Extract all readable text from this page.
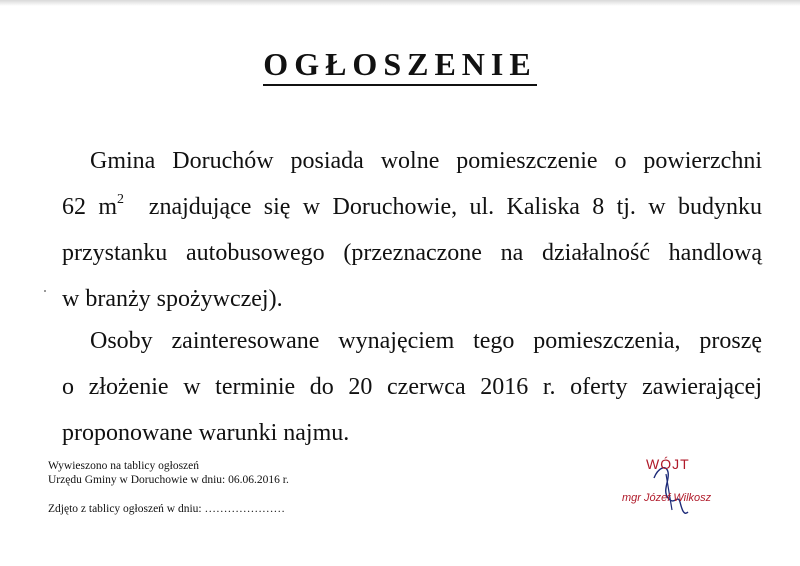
OGŁOSZENIE
Gmina Doruchów posiada wolne pomieszczenie o powierzchni
62 $m^2$ znajdujące się w Doruchowie, ul. Kaliska 8 tj. w budynku
przystanku autobusowego (przeznaczone na działalność handlową
w branży spożywczej).
Osoby zainteresowane wynajęciem tego pomieszczenia, proszę
o złożenie w terminie do 20 czerwca 2016 r. oferty zawierającej
proponowane warunki najmu.
Wywieszono na tablicy ogłoszeń
Urzędu Gminy w Doruchowie w dniu: 06.06.2016 r.
Zdjęto z tablicy ogłoszeń w dniu: …………………
WÓJT
mgr Józef Wilkosz
